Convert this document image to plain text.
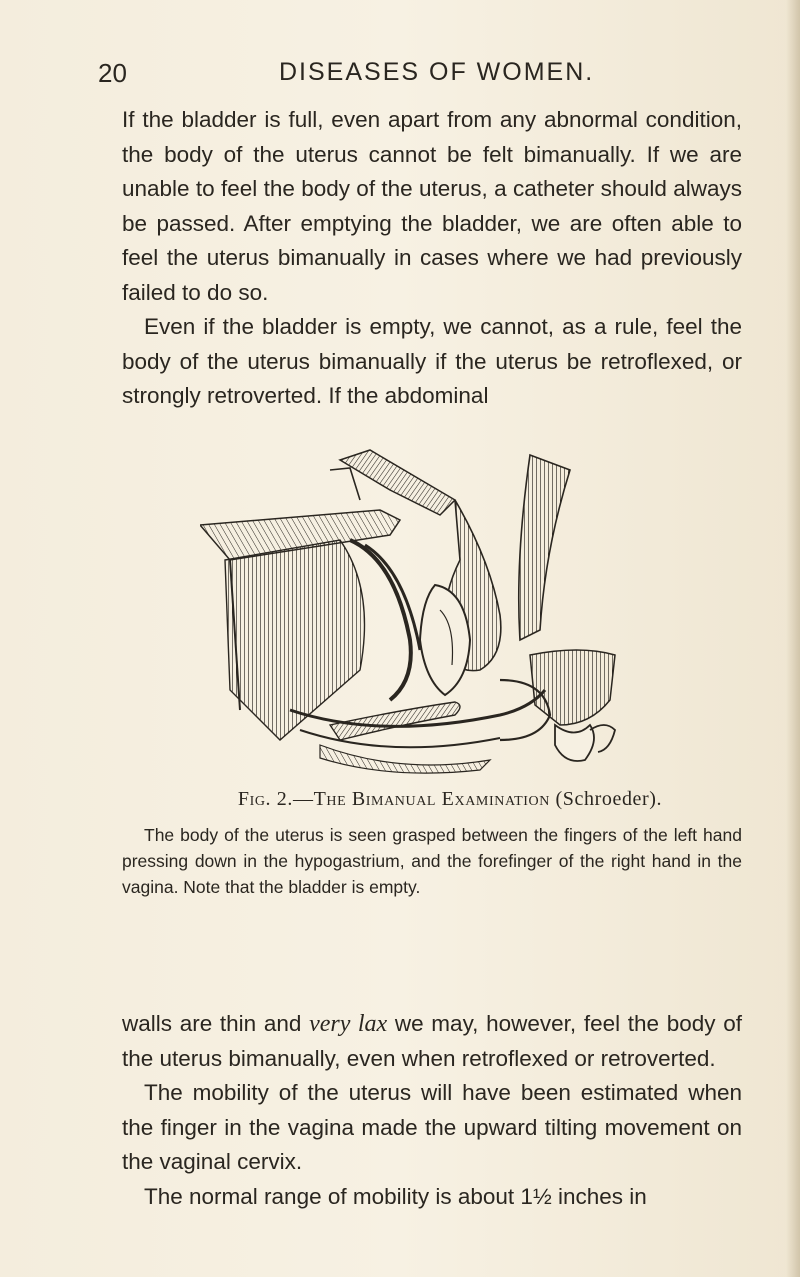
20	DISEASES OF WOMEN.

If the bladder is full, even apart from any abnormal condition, the body of the uterus cannot be felt bimanually. If we are unable to feel the body of the uterus, a catheter should always be passed. After emptying the bladder, we are often able to feel the uterus bimanually in cases where we had previously failed to do so.

Even if the bladder is empty, we cannot, as a rule, feel the body of the uterus bimanually if the uterus be retroflexed, or strongly retroverted. If the abdominal

Fig. 2.—The Bimanual Examination (Schroeder).
The body of the uterus is seen grasped between the fingers of the left hand pressing down in the hypogastrium, and the forefinger of the right hand in the vagina. Note that the bladder is empty.

walls are thin and very lax we may, however, feel the body of the uterus bimanually, even when retroflexed or retroverted.

The mobility of the uterus will have been estimated when the finger in the vagina made the upward tilting movement on the vaginal cervix.

The normal range of mobility is about 1½ inches in
